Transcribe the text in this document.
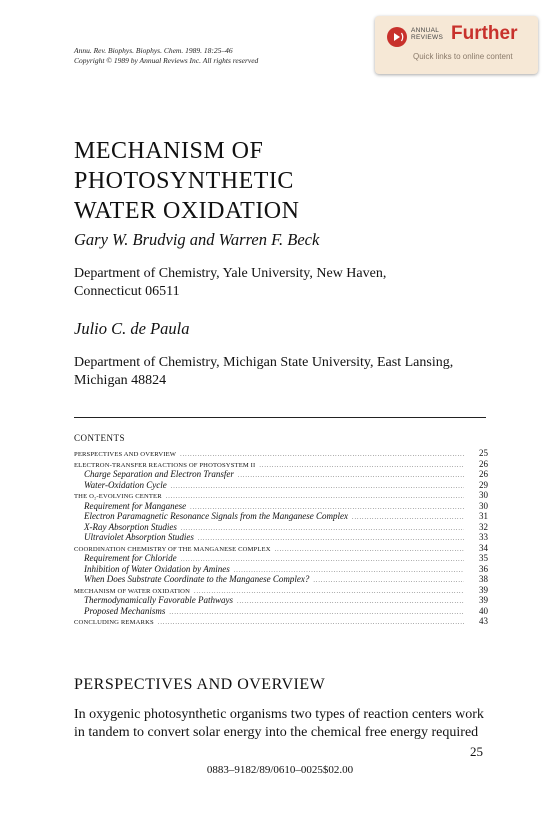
Annu. Rev. Biophys. Biophys. Chem. 1989. 18:25–46
Copyright © 1989 by Annual Reviews Inc. All rights reserved
ANNUAL
REVIEWS Further
Quick links to online content
MECHANISM OF
PHOTOSYNTHETIC
WATER OXIDATION
Gary W. Brudvig and Warren F. Beck
Department of Chemistry, Yale University, New Haven,
Connecticut 06511
Julio C. de Paula
Department of Chemistry, Michigan State University, East Lansing,
Michigan 48824
CONTENTS
PERSPECTIVES AND OVERVIEW .....	25
ELECTRON-TRANSFER REACTIONS OF PHOTOSYSTEM II .....	26
Charge Separation and Electron Transfer .....	26
Water-Oxidation Cycle .....	29
THE O₂-EVOLVING CENTER .....	30
Requirement for Manganese .....	30
Electron Paramagnetic Resonance Signals from the Manganese Complex .....	31
X-Ray Absorption Studies .....	32
Ultraviolet Absorption Studies .....	33
COORDINATION CHEMISTRY OF THE MANGANESE COMPLEX .....	34
Requirement for Chloride .....	35
Inhibition of Water Oxidation by Amines .....	36
When Does Substrate Coordinate to the Manganese Complex? .....	38
MECHANISM OF WATER OXIDATION .....	39
Thermodynamically Favorable Pathways .....	39
Proposed Mechanisms .....	40
CONCLUDING REMARKS .....	43
PERSPECTIVES AND OVERVIEW

In oxygenic photosynthetic organisms two types of reaction centers work in tandem to convert solar energy into the chemical free energy required

25
0883–9182/89/0610–0025$02.00
